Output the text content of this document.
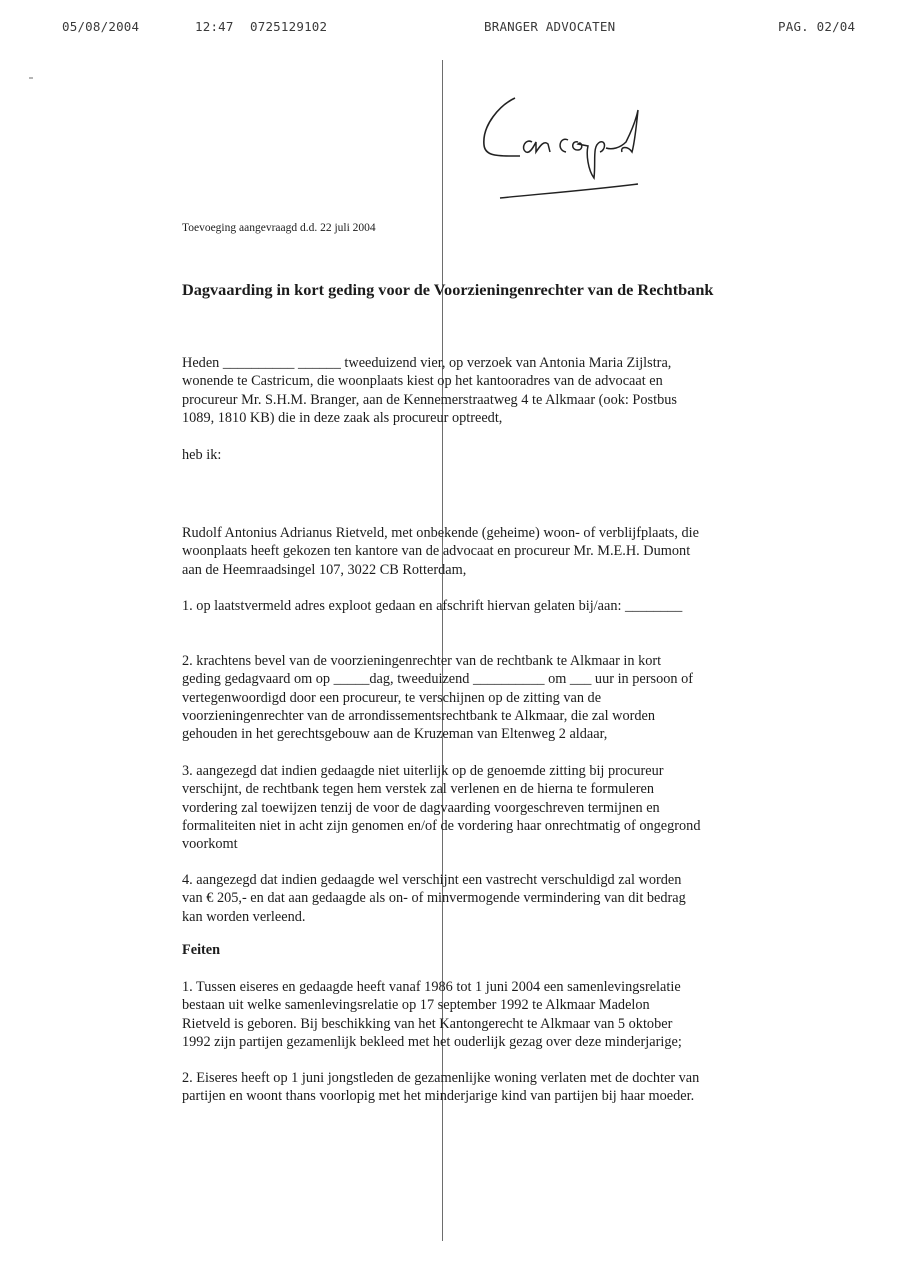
05/08/2004	12:47 0725129102	BRANGER ADVOCATEN	PAG. 02/04
Toevoeging aangevraagd d.d. 22 juli 2004
Dagvaarding in kort geding voor de Voorzieningenrechter van de Rechtbank
Heden __________ ______ tweeduizend vier, op verzoek van Antonia Maria Zijlstra,
wonende te Castricum, die woonplaats kiest op het kantooradres van de advocaat en
procureur Mr. S.H.M. Branger, aan de Kennemerstraatweg 4 te Alkmaar (ook: Postbus
1089, 1810 KB) die in deze zaak als procureur optreedt,
heb ik:
Rudolf Antonius Adrianus Rietveld, met onbekende (geheime) woon- of verblijfplaats, die
woonplaats heeft gekozen ten kantore van de advocaat en procureur Mr. M.E.H. Dumont
aan de Heemraadsingel 107, 3022 CB Rotterdam,
1. op laatstvermeld adres exploot gedaan en afschrift hiervan gelaten bij/aan: ________
2. krachtens bevel van de voorzieningenrechter van de rechtbank te Alkmaar in kort
geding gedagvaard om op _____dag, tweeduizend __________ om ___ uur in persoon of
vertegenwoordigd door een procureur, te verschijnen op de zitting van de
voorzieningenrechter van de arrondissementsrechtbank te Alkmaar, die zal worden
gehouden in het gerechtsgebouw aan de Kruzeman van Eltenweg 2 aldaar,
3. aangezegd dat indien gedaagde niet uiterlijk op de genoemde zitting bij procureur
verschijnt, de rechtbank tegen hem verstek zal verlenen en de hierna te formuleren
vordering zal toewijzen tenzij de voor de dagvaarding voorgeschreven termijnen en
formaliteiten niet in acht zijn genomen en/of de vordering haar onrechtmatig of ongegrond
voorkomt
4. aangezegd dat indien gedaagde wel verschijnt een vastrecht verschuldigd zal worden
van € 205,- en dat aan gedaagde als on- of minvermogende vermindering van dit bedrag
kan worden verleend.
Feiten
1. Tussen eiseres en gedaagde heeft vanaf 1986 tot 1 juni 2004 een samenlevingsrelatie
bestaan uit welke samenlevingsrelatie op 17 september 1992 te Alkmaar Madelon
Rietveld is geboren. Bij beschikking van het Kantongerecht te Alkmaar van 5 oktober
1992 zijn partijen gezamenlijk bekleed met het ouderlijk gezag over deze minderjarige;
2. Eiseres heeft op 1 juni jongstleden de gezamenlijke woning verlaten met de dochter van
partijen en woont thans voorlopig met het minderjarige kind van partijen bij haar moeder.
